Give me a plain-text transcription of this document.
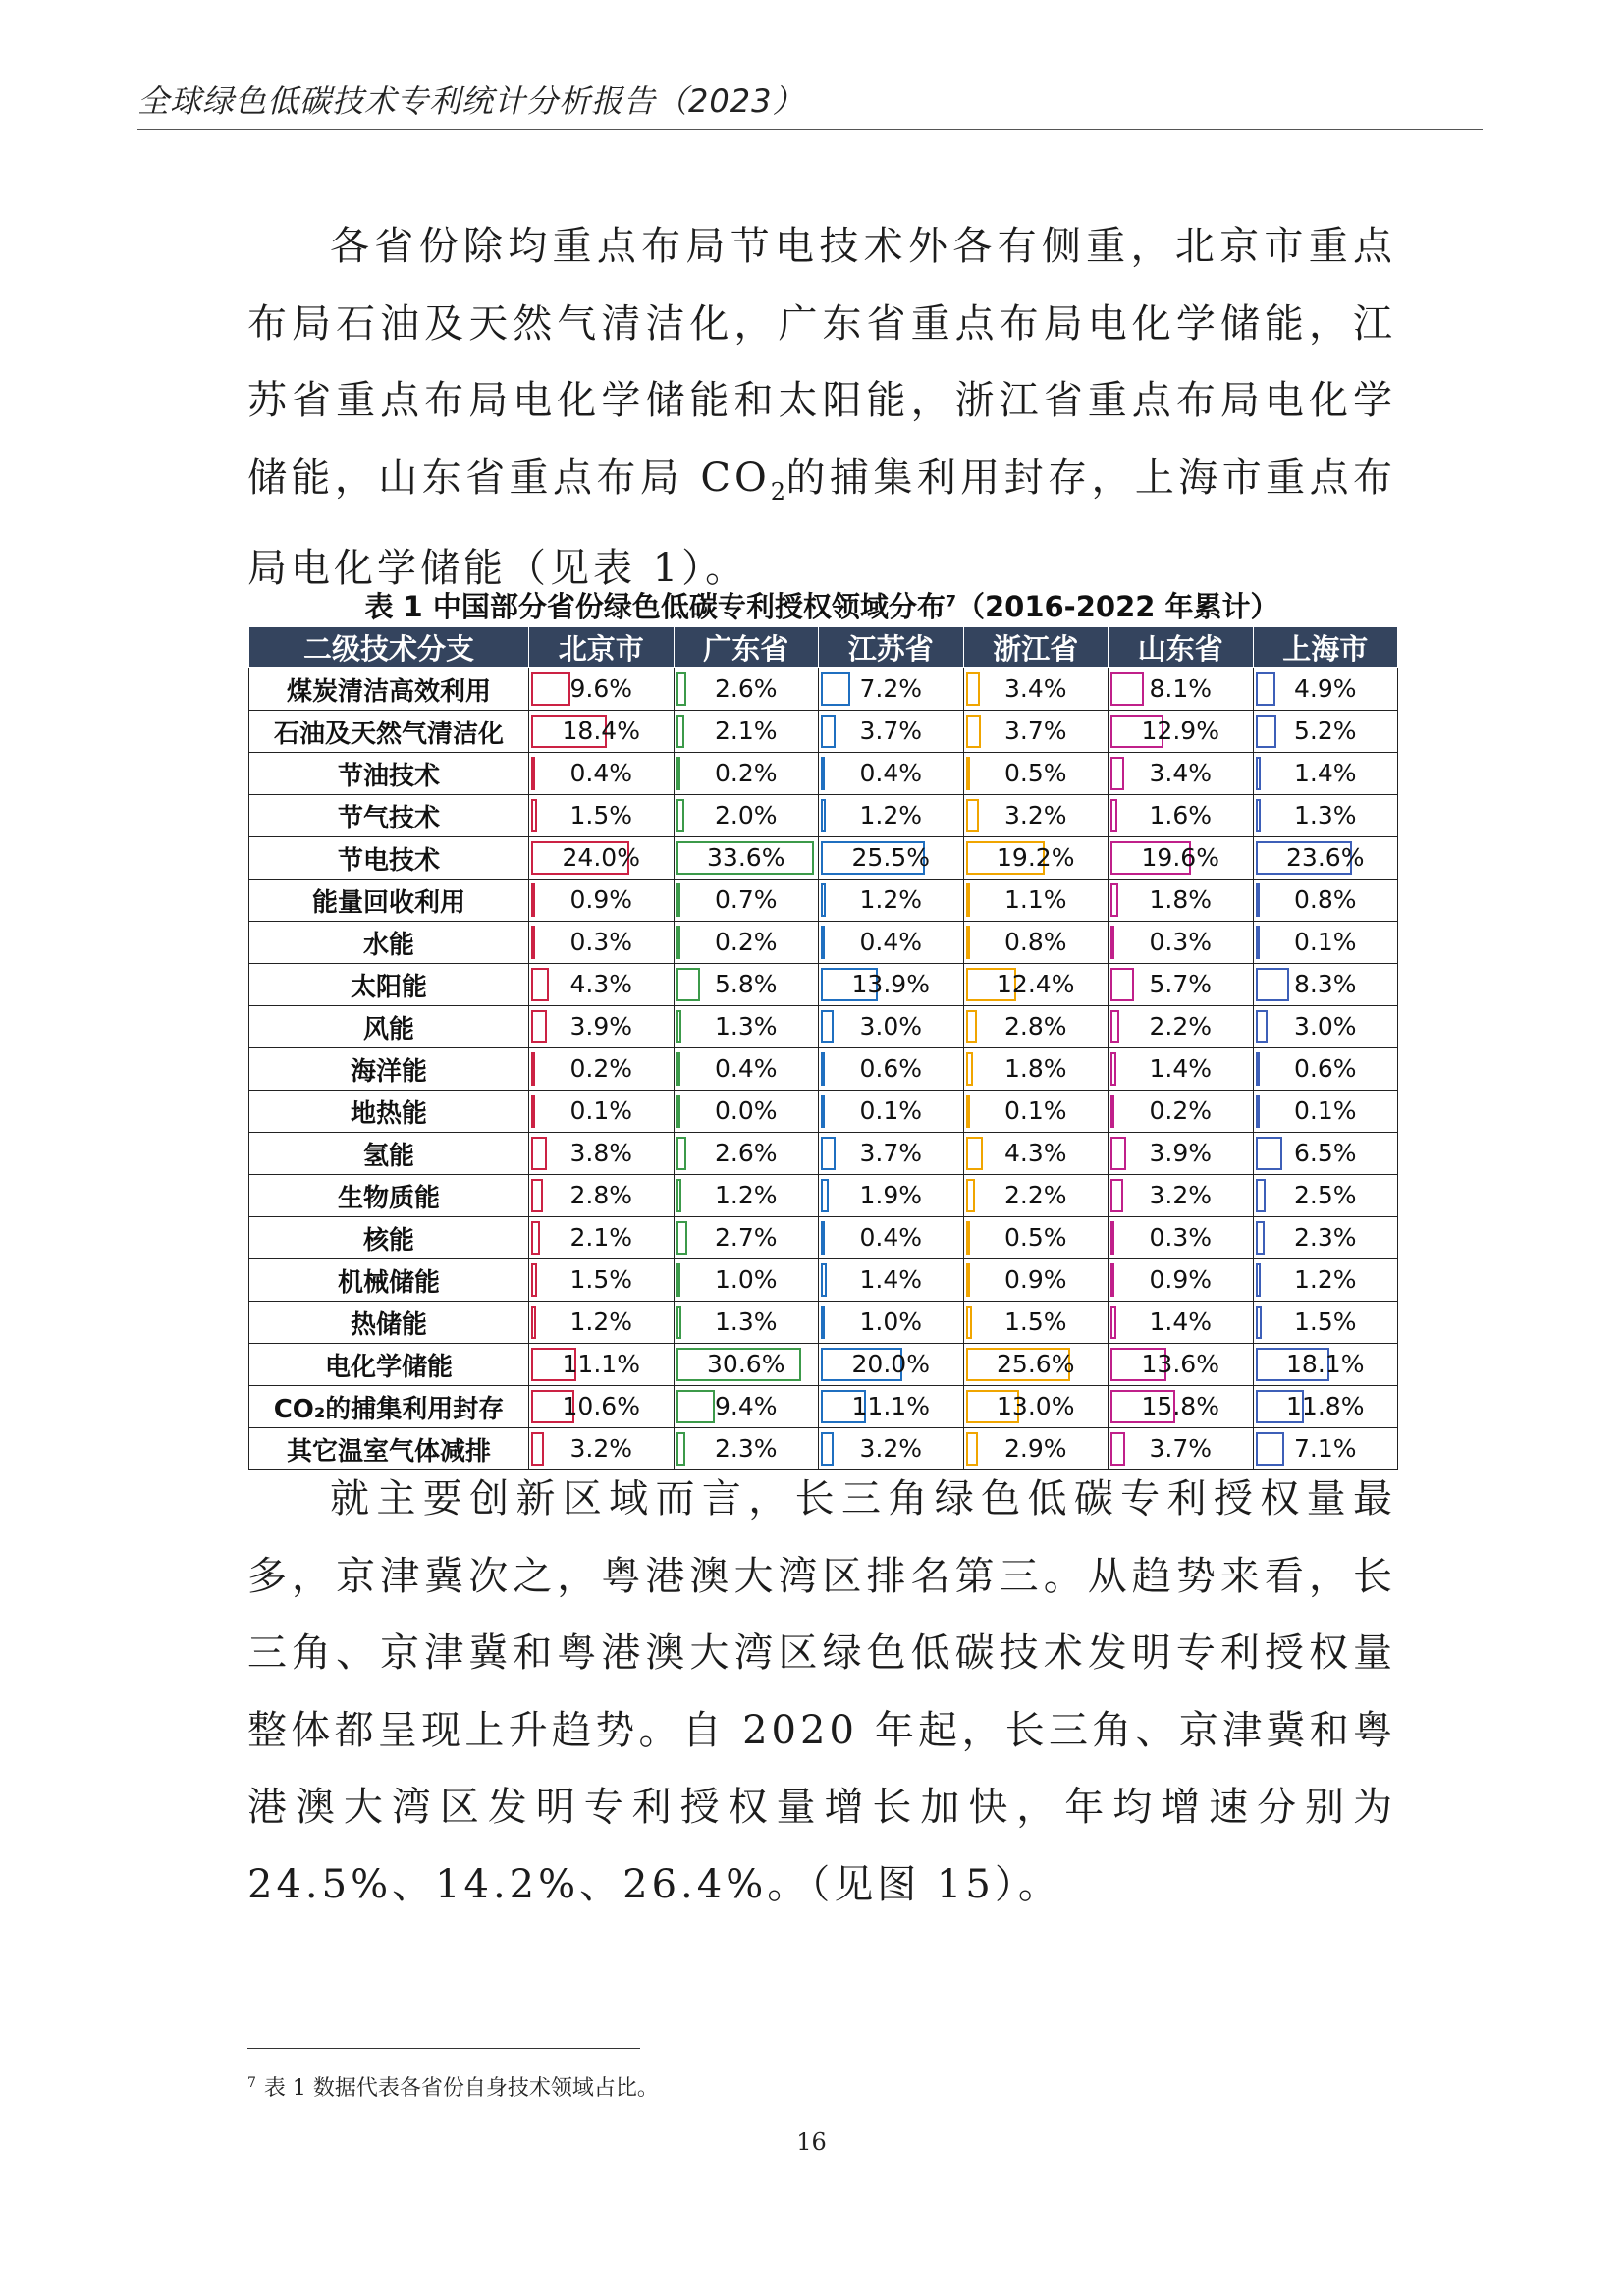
全球绿色低碳技术专利统计分析报告（2023）
各省份除均重点布局节电技术外各有侧重，北京市重点布局石油及天然气清洁化，广东省重点布局电化学储能，江苏省重点布局电化学储能和太阳能，浙江省重点布局电化学储能，山东省重点布局 $CO_2$的捕集利用封存，上海市重点布局电化学储能（见表 1）。
表 1 中国部分省份绿色低碳专利授权领域分布$^7$（2016-2022 年累计）
二级技术分支	北京市	广东省	江苏省	浙江省	山东省	上海市
煤炭清洁高效利用	9.6%	2.6%	7.2%	3.4%	8.1%	4.9%

石油及天然气清洁化	18.4%	2.1%	3.7%	3.7%	12.9%	5.2%

节油技术	0.4%	0.2%	0.4%	0.5%	3.4%	1.4%

节气技术	1.5%	2.0%	1.2%	3.2%	1.6%	1.3%

节电技术	24.0%	33.6%	25.5%	19.2%	19.6%	23.6%

能量回收利用	0.9%	0.7%	1.2%	1.1%	1.8%	0.8%

水能	0.3%	0.2%	0.4%	0.8%	0.3%	0.1%

太阳能	4.3%	5.8%	13.9%	12.4%	5.7%	8.3%

风能	3.9%	1.3%	3.0%	2.8%	2.2%	3.0%

海洋能	0.2%	0.4%	0.6%	1.8%	1.4%	0.6%

地热能	0.1%	0.0%	0.1%	0.1%	0.2%	0.1%

氢能	3.8%	2.6%	3.7%	4.3%	3.9%	6.5%

生物质能	2.8%	1.2%	1.9%	2.2%	3.2%	2.5%

核能	2.1%	2.7%	0.4%	0.5%	0.3%	2.3%

机械储能	1.5%	1.0%	1.4%	0.9%	0.9%	1.2%

热储能	1.2%	1.3%	1.0%	1.5%	1.4%	1.5%

电化学储能	11.1%	30.6%	20.0%	25.6%	13.6%	18.1%

CO₂的捕集利用封存	10.6%	9.4%	11.1%	13.0%	15.8%	11.8%

其它温室气体减排	3.2%	2.3%	3.2%	2.9%	3.7%	7.1%
就主要创新区域而言，长三角绿色低碳专利授权量最多，京津冀次之，粤港澳大湾区排名第三。从趋势来看，长三角、京津冀和粤港澳大湾区绿色低碳技术发明专利授权量整体都呈现上升趋势。自 2020 年起，长三角、京津冀和粤港澳大湾区发明专利授权量增长加快，年均增速分别为 24.5%、14.2%、26.4%。（见图 15）。
$^7$ 表 1 数据代表各省份自身技术领域占比。
16
